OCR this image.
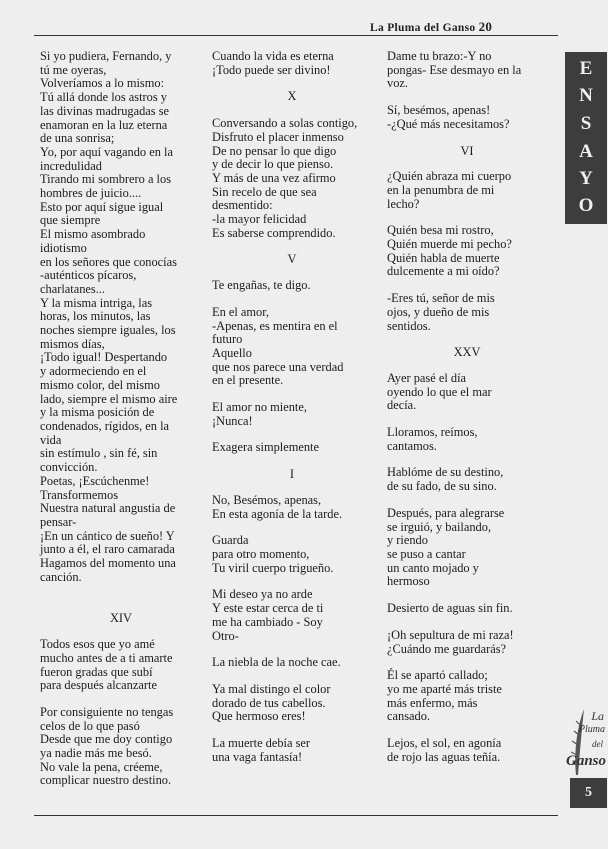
La Pluma del Ganso 20

Si yo pudiera, Fernando, y

tú me oyeras,

Volveríamos a lo mismo:

Tú allá donde los astros y

las divinas madrugadas se

enamoran en la luz eterna

de una sonrisa;

Yo, por aquí vagando en la

incredulidad

Tirando mi sombrero a los

hombres de juicio....

Esto por aquí sigue igual

que siempre

El mismo asombrado

idiotismo

en los señores que conocías

-auténticos pícaros,

charlatanes...

Y la misma intriga, las

horas, los minutos, las

noches siempre iguales, los

mismos días,

¡Todo igual! Despertando

y adormeciendo en el

mismo color, del mismo

lado, siempre el mismo aire

y la misma posición de

condenados, rígidos, en la

vida

sin estímulo , sin fé, sin

convicción.

Poetas, ¡Escúchenme!

Transformemos

Nuestra natural angustia de

pensar-

¡En un cántico de sueño! Y

junto a él, el raro camarada

Hagamos del momento una

canción.

XIV

Todos esos que yo amé

mucho antes de a ti amarte

fueron gradas que subí

para después alcanzarte

Por consiguiente no tengas

celos de lo que pasó

Desde que me doy contigo

ya nadie más me besó.

No vale la pena, créeme,

complicar nuestro destino.

Cuando la vida es eterna

¡Todo puede ser divino!

X

Conversando a solas contigo,

Disfruto el placer inmenso

De no pensar lo que digo

y de decir lo que pienso.

Y más de una vez afirmo

Sin recelo de que sea

desmentido:

-la mayor felicidad

Es saberse comprendido.

V

Te engañas, te digo.

En el amor,

-Apenas, es mentira en el

futuro

Aquello

que nos parece una verdad

en el presente.

El amor no miente,

¡Nunca!

Exagera simplemente

I

No, Besémos, apenas,

En esta agonía de la tarde.

Guarda

para otro momento,

Tu viril cuerpo trigueño.

Mi deseo ya no arde

Y este estar cerca de ti

me ha cambiado - Soy

Otro-

La niebla de la noche cae.

Ya mal distingo el color

dorado de tus cabellos.

Que hermoso eres!

La muerte debía ser

una vaga fantasía!

Dame tu brazo:-Y no

pongas- Ese desmayo en la

voz.

Sí, besémos, apenas!

-¿Qué más necesitamos?

VI

¿Quién abraza mi cuerpo

en la penumbra de mi

lecho?

Quién besa mi rostro,

Quién muerde mi pecho?

Quién habla de muerte

dulcemente a mi oído?

-Eres tú, señor de mis

ojos, y dueño de mis

sentidos.

XXV

Ayer pasé el día

oyendo lo que el mar

decía.

Lloramos, reímos,

cantamos.

Hablóme de su destino,

de su fado, de su sino.

Después, para alegrarse

se irguió, y bailando,

y riendo

se puso a cantar

un canto mojado y

hermoso

Desierto de aguas sin fin.

¡Oh sepultura de mi raza!

¿Cuándo me guardarás?

Él se apartó callado;

yo me aparté más triste

más enfermo, más

cansado.

Lejos, el sol, en agonía

de rojo las aguas teñía.

E
N
S
A
Y
O
La
Pluma
del
Ganso
5
